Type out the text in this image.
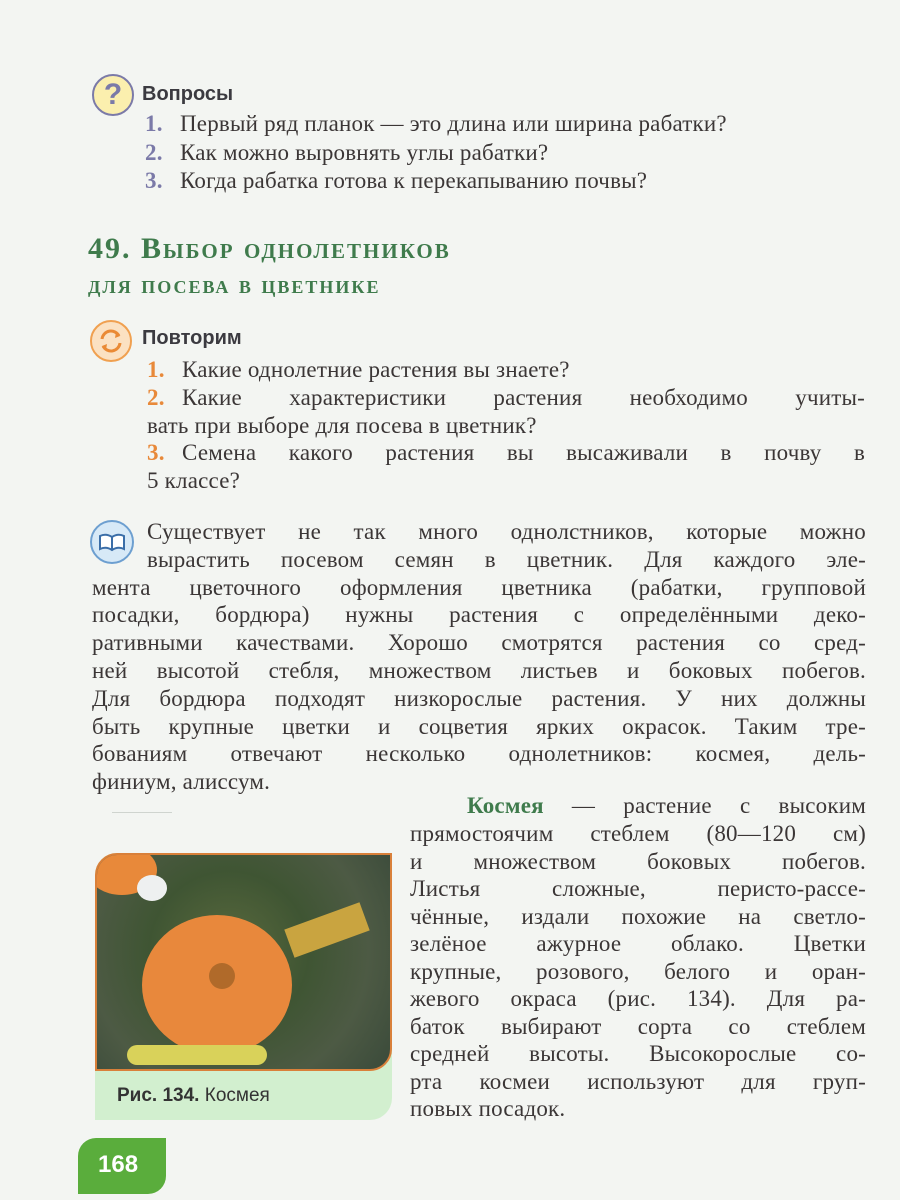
? Вопросы
1. Первый ряд планок — это длина или ширина рабатки?
2. Как можно выровнять углы рабатки?
3. Когда рабатка готова к перекапыванию почвы?
49. Выбор однолетников
для посева в цветнике
Повторим
1. Какие однолетние растения вы знаете?
2. Какие характеристики растения необходимо учиты-
вать при выборе для посева в цветник?
3. Семена какого растения вы высаживали в почву в
5 классе?
Существует не так много однолстников, которые можно
вырастить посевом семян в цветник. Для каждого эле-
мента цветочного оформления цветника (рабатки, групповой
посадки, бордюра) нужны растения с определёнными деко-
ративными качествами. Хорошо смотрятся растения со сред-
ней высотой стебля, множеством листьев и боковых побегов.
Для бордюра подходят низкорослые растения. У них должны
быть крупные цветки и соцветия ярких окрасок. Таким тре-
бованиям отвечают несколько однолетников: космея, дель-
финиум, алиссум.
Космея — растение с высоким
прямостоячим стеблем (80—120 см)
и множеством боковых побегов.
Листья сложные, перисто-рассе-
чённые, издали похожие на светло-
зелёное ажурное облако. Цветки
крупные, розового, белого и оран-
жевого окраса (рис. 134). Для ра-
баток выбирают сорта со стеблем
средней высоты. Высокорослые со-
рта космеи используют для груп-
повых посадок.
Рис. 134. Космея
168
